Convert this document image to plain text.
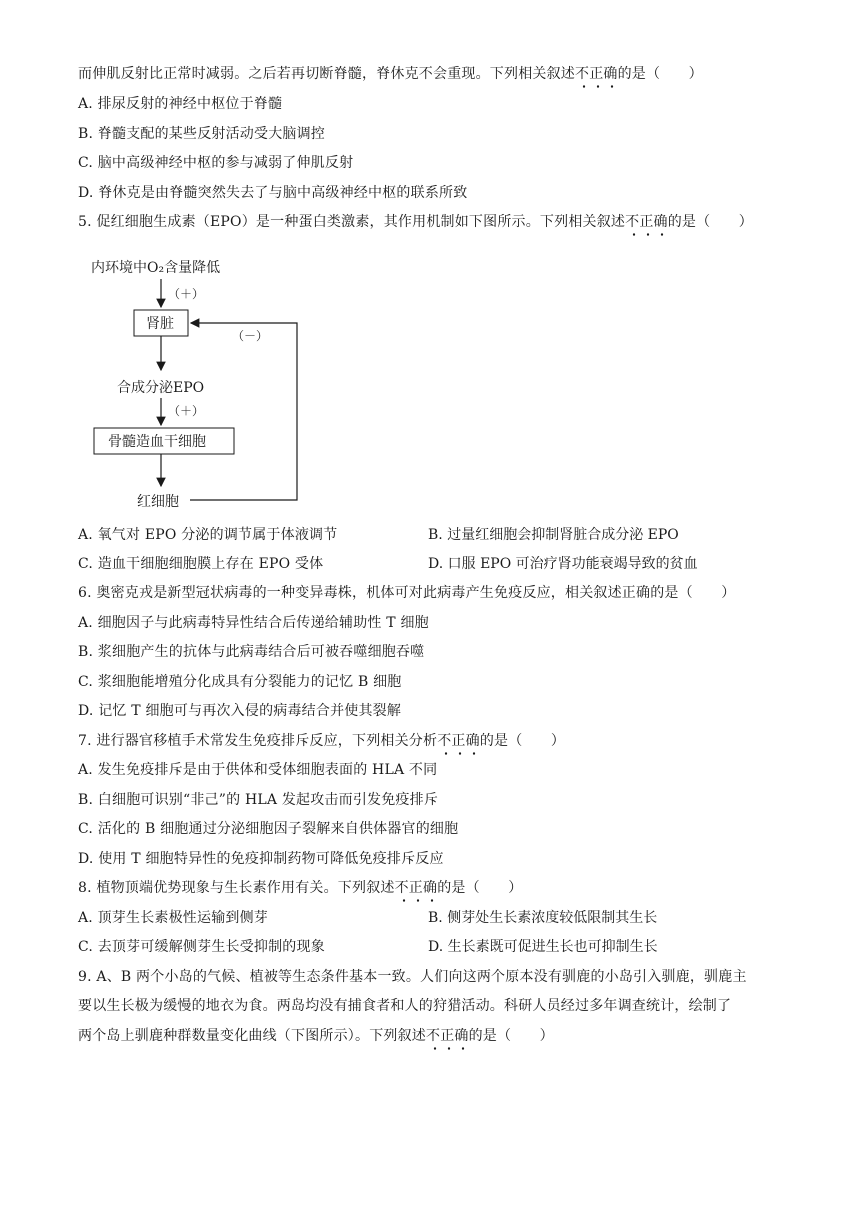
而伸肌反射比正常时减弱。之后若再切断脊髓，脊休克不会重现。下列相关叙述不正确的是（　　）
A. 排尿反射的神经中枢位于脊髓
B. 脊髓支配的某些反射活动受大脑调控
C. 脑中高级神经中枢的参与减弱了伸肌反射
D. 脊休克是由脊髓突然失去了与脑中高级神经中枢的联系所致
5. 促红细胞生成素（EPO）是一种蛋白类激素，其作用机制如下图所示。下列相关叙述不正确的是（　　）
内环境中O₂含量降低
（＋）
肾脏
（－）
合成分泌EPO
（＋）
骨髓造血干细胞
红细胞
A. 氧气对 EPO 分泌的调节属于体液调节	B. 过量红细胞会抑制肾脏合成分泌 EPO
C. 造血干细胞细胞膜上存在 EPO 受体	D. 口服 EPO 可治疗肾功能衰竭导致的贫血
6. 奥密克戎是新型冠状病毒的一种变异毒株，机体可对此病毒产生免疫反应，相关叙述正确的是（　　）
A. 细胞因子与此病毒特异性结合后传递给辅助性 T 细胞
B. 浆细胞产生的抗体与此病毒结合后可被吞噬细胞吞噬
C. 浆细胞能增殖分化成具有分裂能力的记忆 B 细胞
D. 记忆 T 细胞可与再次入侵的病毒结合并使其裂解
7. 进行器官移植手术常发生免疫排斥反应，下列相关分析不正确的是（　　）
A. 发生免疫排斥是由于供体和受体细胞表面的 HLA 不同
B. 白细胞可识别“非己”的 HLA 发起攻击而引发免疫排斥
C. 活化的 B 细胞通过分泌细胞因子裂解来自供体器官的细胞
D. 使用 T 细胞特异性的免疫抑制药物可降低免疫排斥反应
8. 植物顶端优势现象与生长素作用有关。下列叙述不正确的是（　　）
A. 顶芽生长素极性运输到侧芽	B. 侧芽处生长素浓度较低限制其生长
C. 去顶芽可缓解侧芽生长受抑制的现象	D. 生长素既可促进生长也可抑制生长
9. A、B 两个小岛的气候、植被等生态条件基本一致。人们向这两个原本没有驯鹿的小岛引入驯鹿，驯鹿主
要以生长极为缓慢的地衣为食。两岛均没有捕食者和人的狩猎活动。科研人员经过多年调查统计，绘制了
两个岛上驯鹿种群数量变化曲线（下图所示）。下列叙述不正确的是（　　）
